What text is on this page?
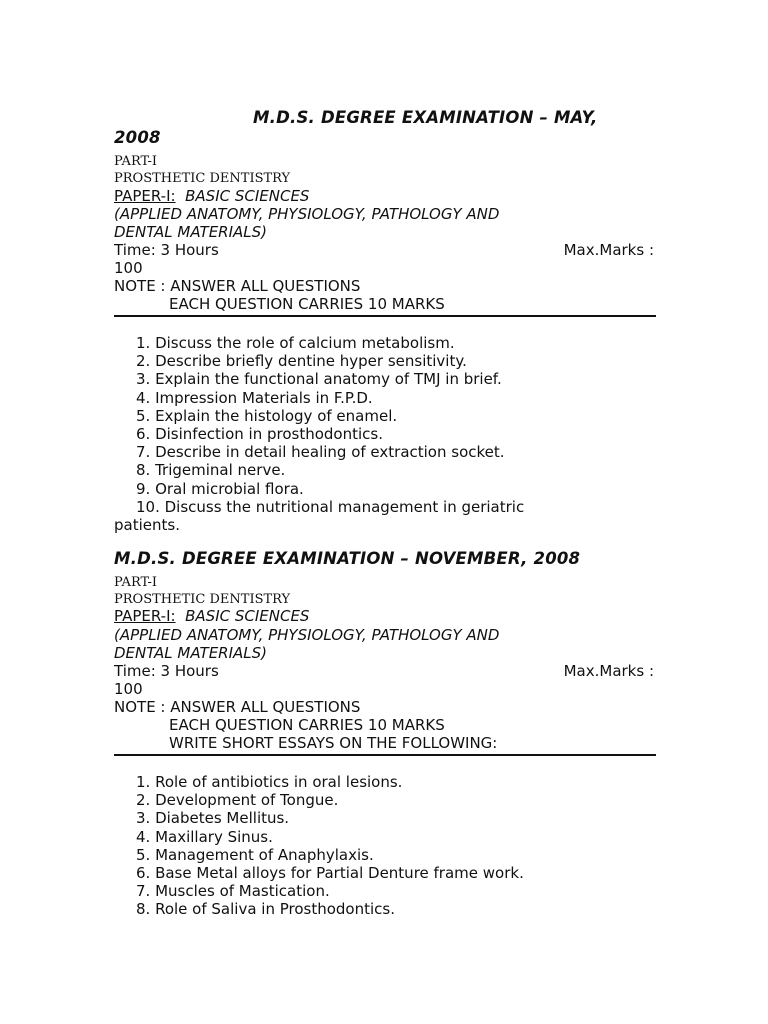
M.D.S. DEGREE EXAMINATION – MAY,
2008
PART-I
PROSTHETIC DENTISTRY
PAPER-I: BASIC SCIENCES
(APPLIED ANATOMY, PHYSIOLOGY, PATHOLOGY AND
DENTAL MATERIALS)
Time: 3 Hours	Max.Marks :
100
NOTE : ANSWER ALL QUESTIONS
EACH QUESTION CARRIES 10 MARKS
1. Discuss the role of calcium metabolism.
2. Describe briefly dentine hyper sensitivity.
3. Explain the functional anatomy of TMJ in brief.
4. Impression Materials in F.P.D.
5. Explain the histology of enamel.
6. Disinfection in prosthodontics.
7. Describe in detail healing of extraction socket.
8. Trigeminal nerve.
9. Oral microbial flora.
10. Discuss the nutritional management in geriatric
patients.
M.D.S. DEGREE EXAMINATION – NOVEMBER, 2008
PART-I
PROSTHETIC DENTISTRY
PAPER-I: BASIC SCIENCES
(APPLIED ANATOMY, PHYSIOLOGY, PATHOLOGY AND
DENTAL MATERIALS)
Time: 3 Hours	Max.Marks :
100
NOTE : ANSWER ALL QUESTIONS
EACH QUESTION CARRIES 10 MARKS
WRITE SHORT ESSAYS ON THE FOLLOWING:
1. Role of antibiotics in oral lesions.
2. Development of Tongue.
3. Diabetes Mellitus.
4. Maxillary Sinus.
5. Management of Anaphylaxis.
6. Base Metal alloys for Partial Denture frame work.
7. Muscles of Mastication.
8. Role of Saliva in Prosthodontics.
